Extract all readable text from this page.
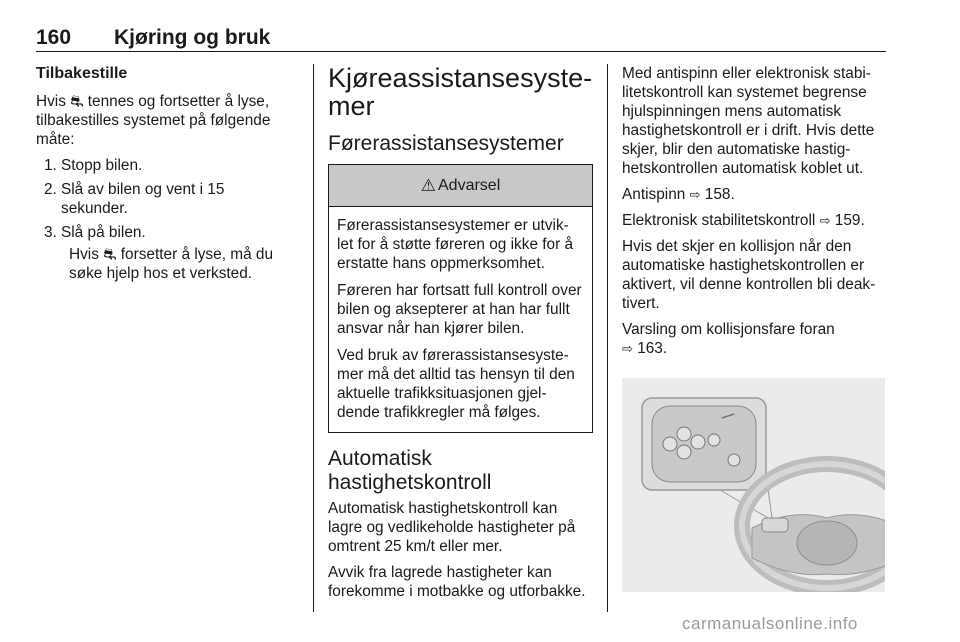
160 Kjøring og bruk
Tilbakestille

Hvis ⛐ tennes og fortsetter å lyse, tilbakestilles systemet på følgende måte:

1. Stopp bilen.
2. Slå av bilen og vent i 15 sekunder.
3. Slå på bilen.
Hvis ⛐ forsetter å lyse, må du søke hjelp hos et verksted.
Kjøreassistansesyste-
mer
Førerassistansesystemer
⚠ Advarsel

Førerassistansesystemer er utvik-let for å støtte føreren og ikke for å erstatte hans oppmerksomhet.

Føreren har fortsatt full kontroll over bilen og aksepterer at han har fullt ansvar når han kjører bilen.

Ved bruk av førerassistansesyste-mer må det alltid tas hensyn til den aktuelle trafikksituasjonen gjel-dende trafikkregler må følges.

Automatisk
hastighetskontroll

Automatisk hastighetskontroll kan lagre og vedlikeholde hastigheter på omtrent 25 km/t eller mer.

Avvik fra lagrede hastigheter kan forekomme i motbakke og utforbakke.

Med antispinn eller elektronisk stabi-litetskontroll kan systemet begrense hjulspinningen mens automatisk hastighetskontroll er i drift. Hvis dette skjer, blir den automatiske hastig-hetskontrollen automatisk koblet ut.

Antispinn ⇨ 158.

Elektronisk stabilitetskontroll ⇨ 159.

Hvis det skjer en kollisjon når den automatiske hastighetskontrollen er aktivert, vil denne kontrollen bli deak-tivert.

Varsling om kollisjonsfare foran
⇨ 163.

carmanualsonline.info
